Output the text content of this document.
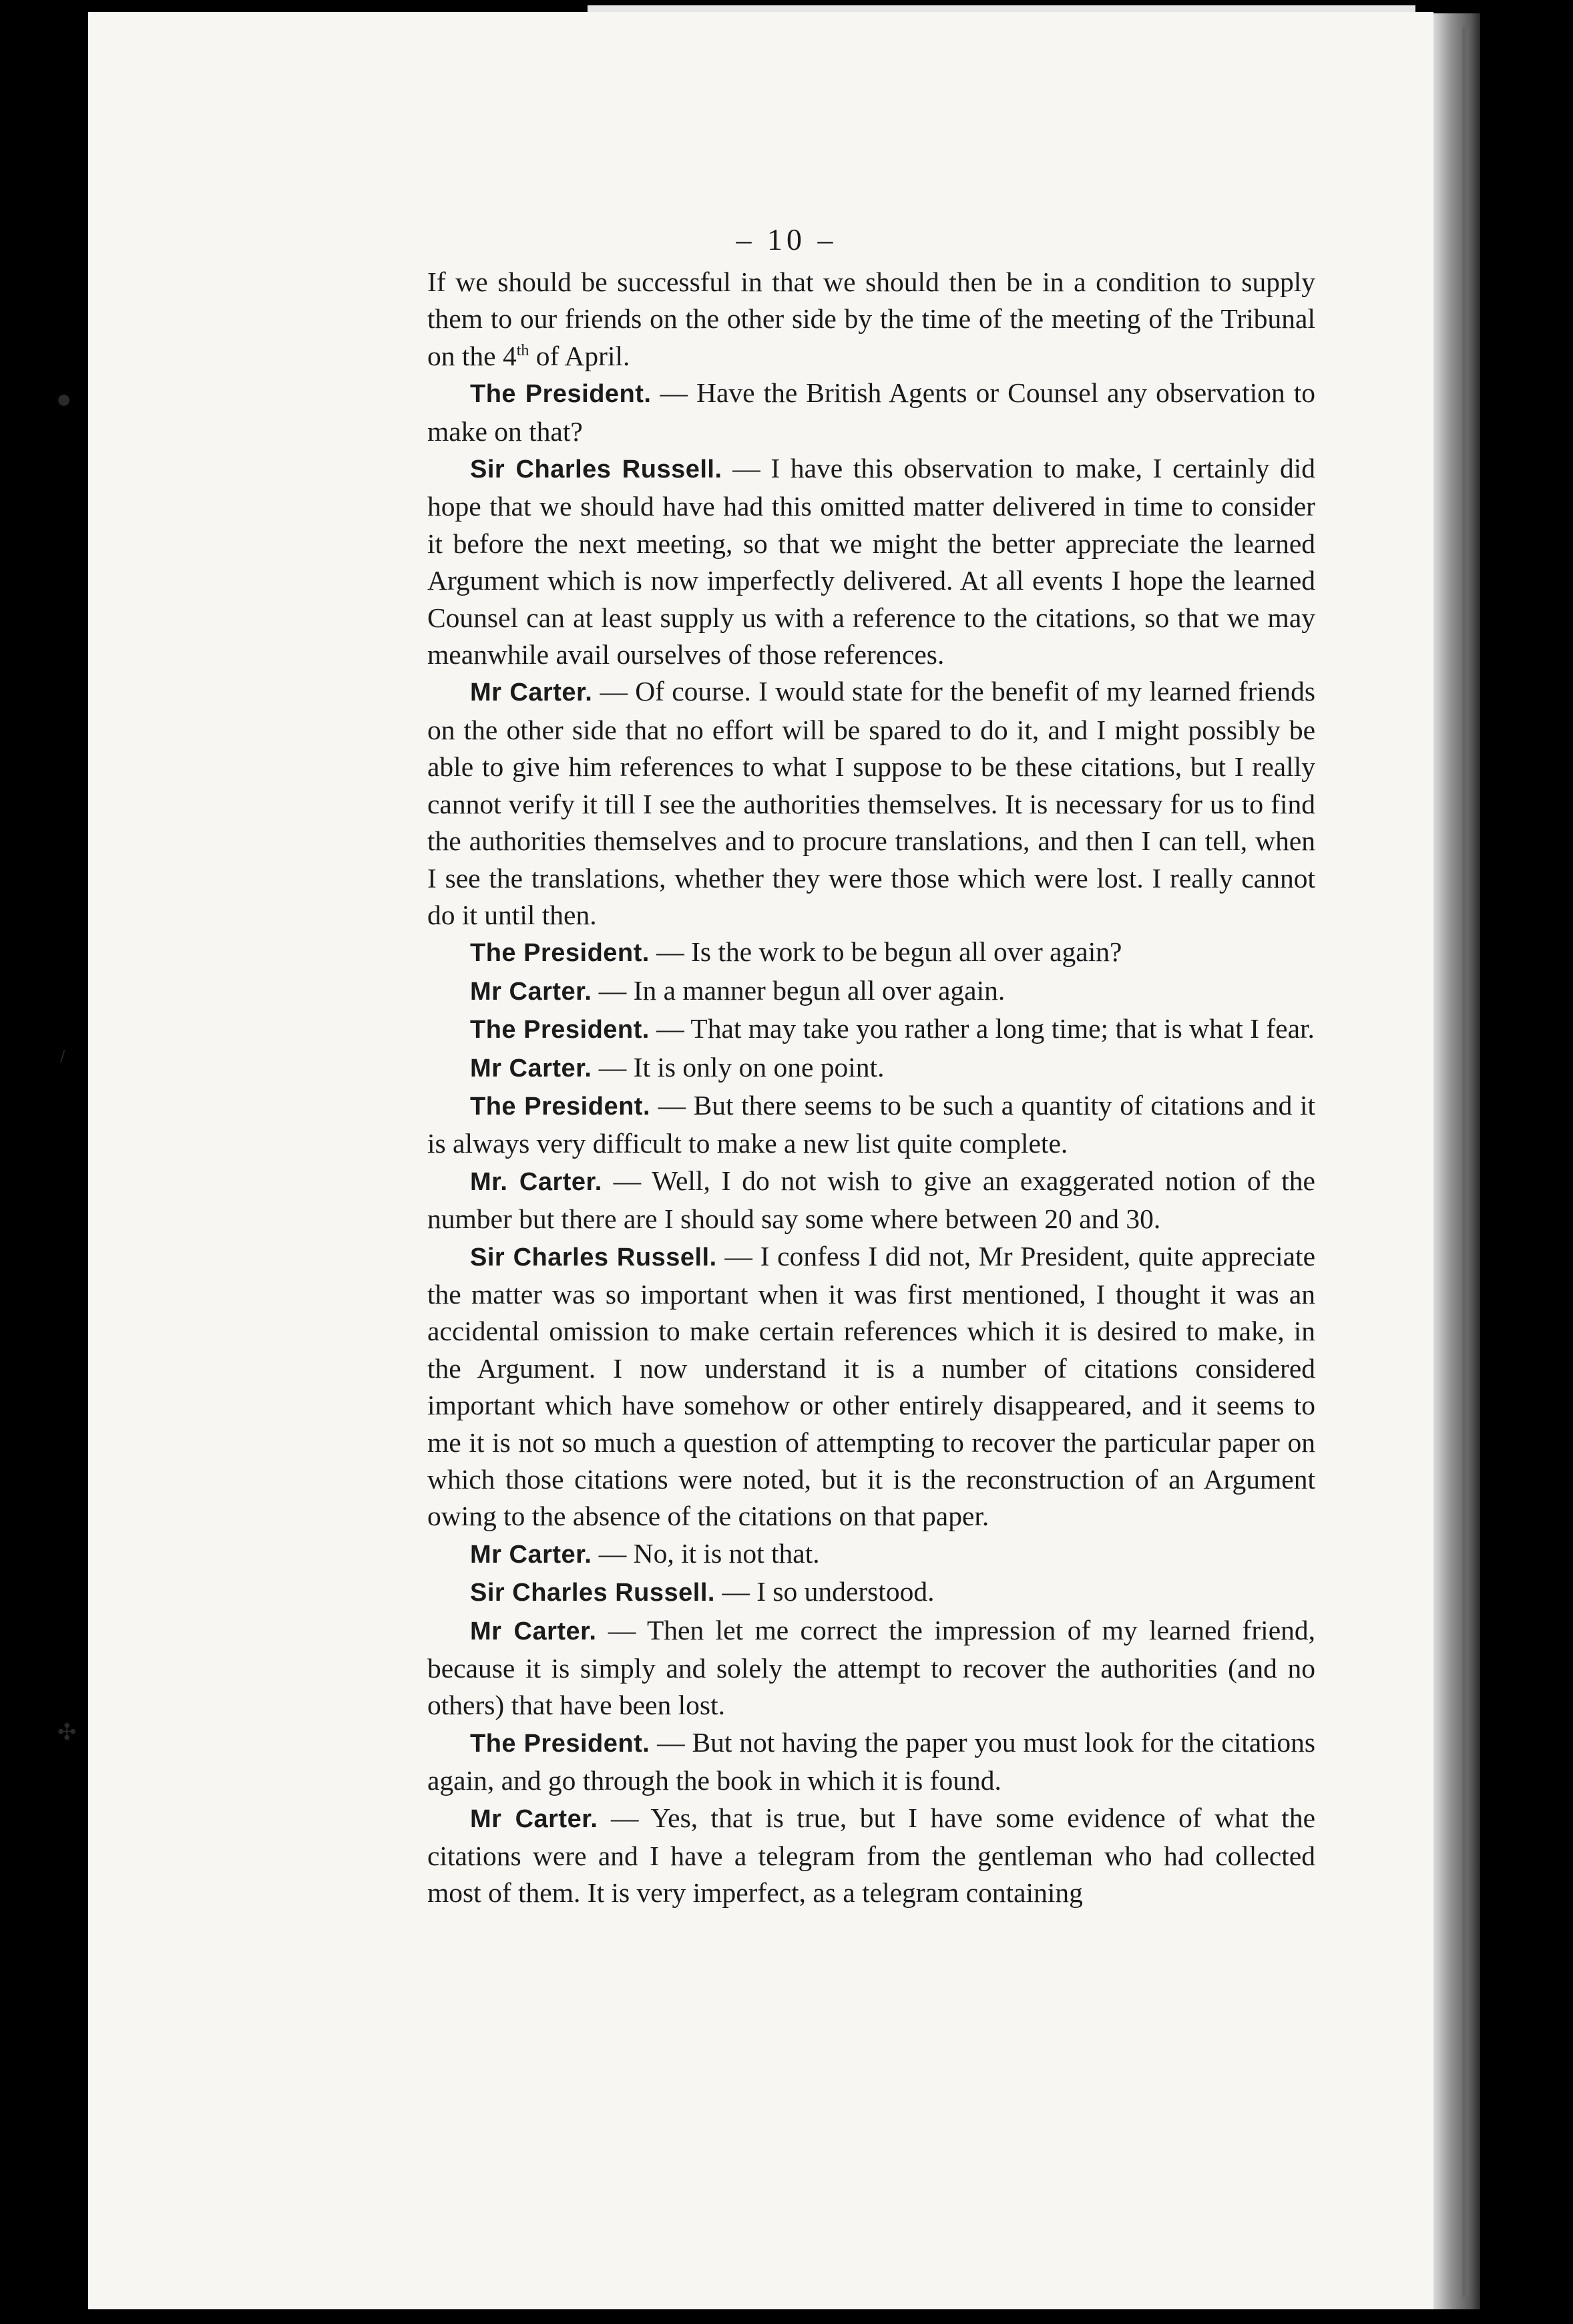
●
/
✣
– 10 –

If we should be successful in that we should then be in a condition to supply them to our friends on the other side by the time of the meeting of the Tribunal on the 4th of April.

The President. — Have the British Agents or Counsel any observation to make on that?

Sir Charles Russell. — I have this observation to make, I certainly did hope that we should have had this omitted matter delivered in time to consider it before the next meeting, so that we might the better appreciate the learned Argument which is now imperfectly delivered. At all events I hope the learned Counsel can at least supply us with a reference to the citations, so that we may meanwhile avail ourselves of those references.

Mr Carter. — Of course. I would state for the benefit of my learned friends on the other side that no effort will be spared to do it, and I might possibly be able to give him references to what I suppose to be these citations, but I really cannot verify it till I see the authorities themselves. It is necessary for us to find the authorities themselves and to procure translations, and then I can tell, when I see the translations, whether they were those which were lost. I really cannot do it until then.

The President. — Is the work to be begun all over again?

Mr Carter. — In a manner begun all over again.

The President. — That may take you rather a long time; that is what I fear.

Mr Carter. — It is only on one point.

The President. — But there seems to be such a quantity of citations and it is always very difficult to make a new list quite complete.

Mr. Carter. — Well, I do not wish to give an exaggerated notion of the number but there are I should say some where between 20 and 30.

Sir Charles Russell. — I confess I did not, Mr President, quite appreciate the matter was so important when it was first mentioned, I thought it was an accidental omission to make certain references which it is desired to make, in the Argument. I now understand it is a number of citations considered important which have somehow or other entirely disappeared, and it seems to me it is not so much a question of attempting to recover the particular paper on which those citations were noted, but it is the reconstruction of an Argument owing to the absence of the citations on that paper.

Mr Carter. — No, it is not that.

Sir Charles Russell. — I so understood.

Mr Carter. — Then let me correct the impression of my learned friend, because it is simply and solely the attempt to recover the authorities (and no others) that have been lost.

The President. — But not having the paper you must look for the citations again, and go through the book in which it is found.

Mr Carter. — Yes, that is true, but I have some evidence of what the citations were and I have a telegram from the gentleman who had collected most of them. It is very imperfect, as a telegram containing
